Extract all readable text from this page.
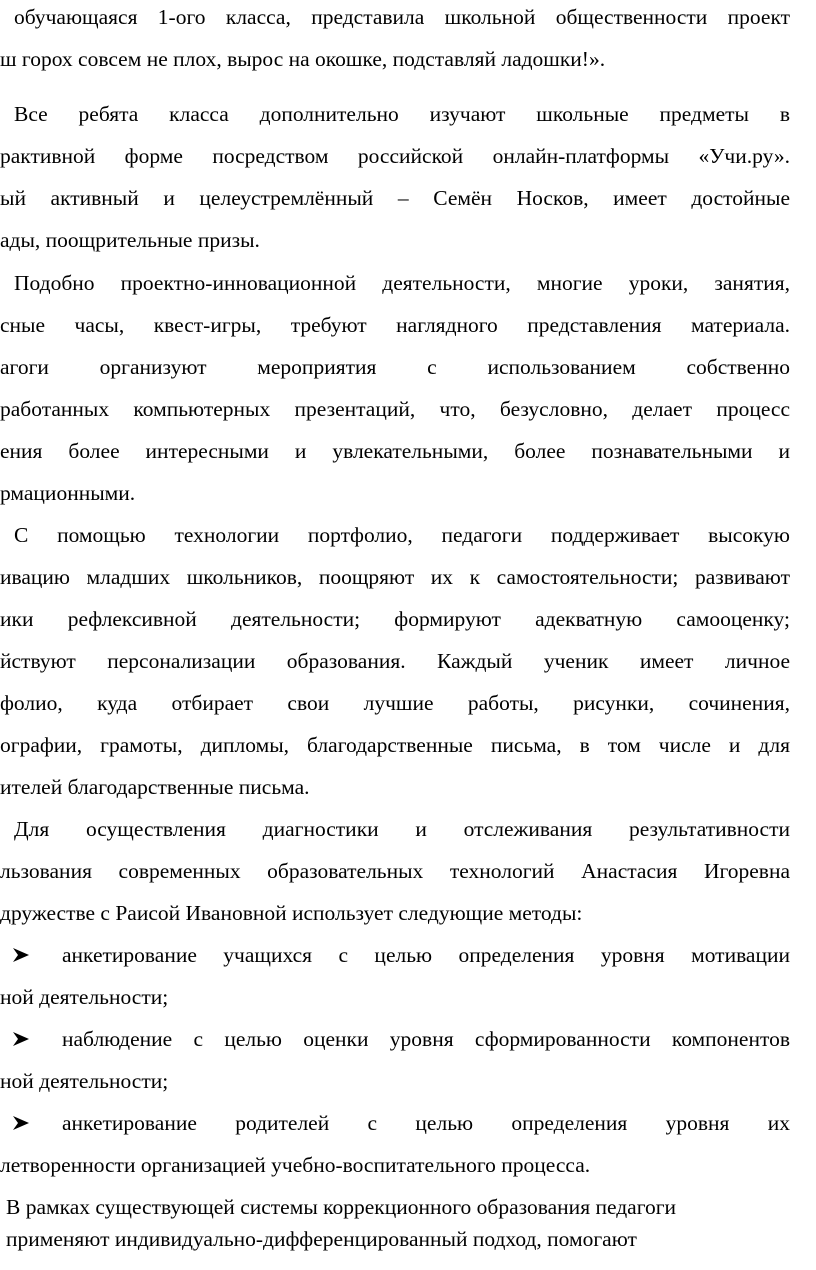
обучающаяся 1-ого класса, представила школьной общественности проект
ш горох совсем не плох, вырос на окошке, подставляй ладошки!».
Все ребята класса дополнительно изучают школьные предметы в
рактивной форме посредством российской онлайн-платформы «Учи.ру».
ый активный и целеустремлённый – Семён Носков, имеет достойные
ады, поощрительные призы.
Подобно проектно-инновационной деятельности, многие уроки, занятия,
сные часы, квест-игры, требуют наглядного представления материала.
агоги организуют мероприятия с использованием собственно
работанных компьютерных презентаций, что, безусловно, делает процесс
ения более интересными и увлекательными, более познавательными и
рмационными.
С помощью технологии портфолио, педагоги поддерживает высокую
ивацию младших школьников, поощряют их к самостоятельности; развивают
ики рефлексивной деятельности; формируют адекватную самооценку;
йствуют персонализации образования. Каждый ученик имеет личное
фолио, куда отбирает свои лучшие работы, рисунки, сочинения,
ографии, грамоты, дипломы, благодарственные письма, в том числе и для
ителей благодарственные письма.
Для осуществления диагностики и отслеживания результативности
льзования современных образовательных технологий Анастасия Игоревна
дружестве с Раисой Ивановной использует следующие методы:
анкетирование учащихся с целью определения уровня мотивации
ной деятельности;
наблюдение с целью оценки уровня сформированности компонентов
ной деятельности;
анкетирование родителей с целью определения уровня их
летворенности организацией учебно-воспитательного процесса.
В рамках существующей системы коррекционного образования педагоги
применяют индивидуально-дифференцированный подход, помогают
